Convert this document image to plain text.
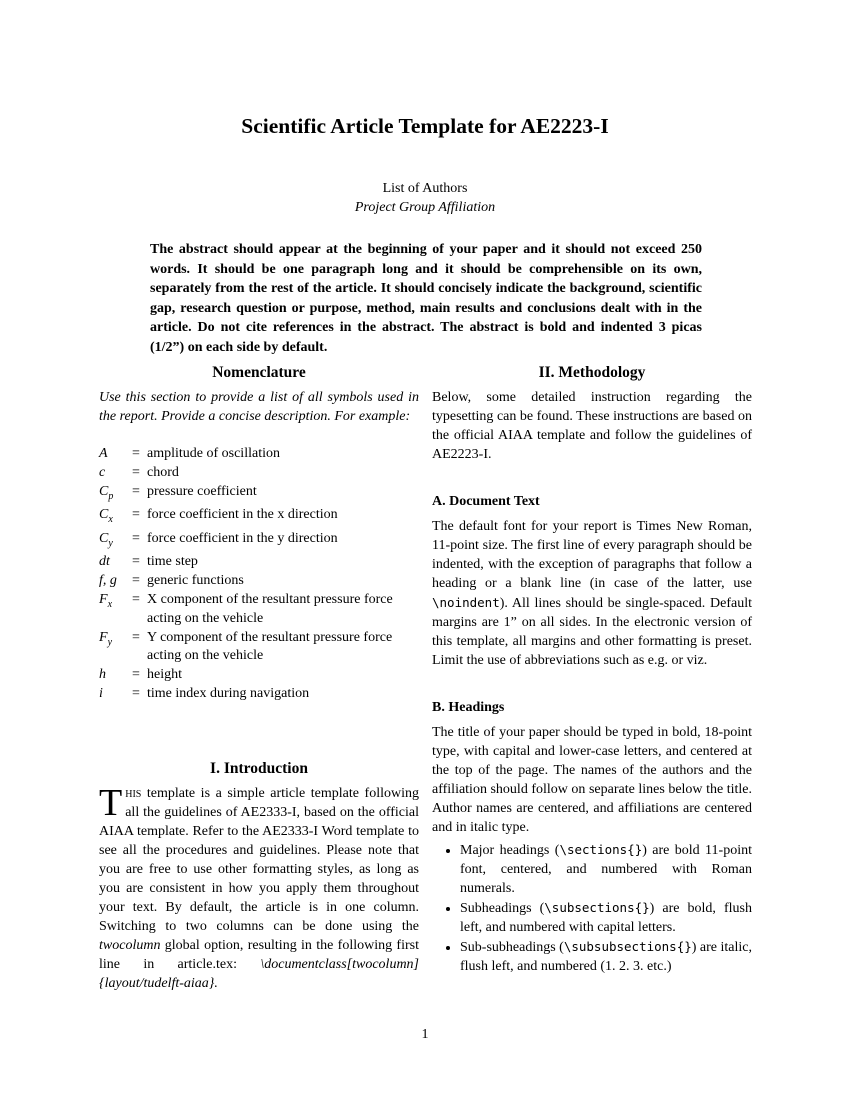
Scientific Article Template for AE2223-I
List of Authors
Project Group Affiliation
The abstract should appear at the beginning of your paper and it should not exceed 250 words. It should be one paragraph long and it should be comprehensible on its own, separately from the rest of the article. It should concisely indicate the background, scientific gap, research question or purpose, method, main results and conclusions dealt with in the article. Do not cite references in the abstract. The abstract is bold and indented 3 picas (1/2”) on each side by default.
Nomenclature

Use this section to provide a list of all symbols used in the report. Provide a concise description. For example:

A	= amplitude of oscillation
c	= chord
$C_p$	= pressure coefficient
$C_x$	= force coefficient in the x direction
$C_y$	= force coefficient in the y direction
dt	= time step
f, g	= generic functions
$F_x$	= X component of the resultant pressure force acting on the vehicle
$F_y$	= Y component of the resultant pressure force acting on the vehicle
h	= height
i	= time index during navigation
I. Introduction

This template is a simple article template following all the guidelines of AE2333-I, based on the official AIAA template. Refer to the AE2333-I Word template to see all the procedures and guidelines. Please note that you are free to use other formatting styles, as long as you are consistent in how you apply them throughout your text. By default, the article is in one column. Switching to two columns can be done using the twocolumn global option, resulting in the following first line in article.tex: \documentclass[twocolumn]{layout/tudelft-aiaa}.

II. Methodology

Below, some detailed instruction regarding the typesetting can be found. These instructions are based on the official AIAA template and follow the guidelines of AE2223-I.

A. Document Text

The default font for your report is Times New Roman, 11-point size. The first line of every paragraph should be indented, with the exception of paragraphs that follow a heading or a blank line (in case of the latter, use \noindent). All lines should be single-spaced. Default margins are 1” on all sides. In the electronic version of this template, all margins and other formatting is preset. Limit the use of abbreviations such as e.g. or viz.

B. Headings

The title of your paper should be typed in bold, 18-point type, with capital and lower-case letters, and centered at the top of the page. The names of the authors and the affiliation should follow on separate lines below the title. Author names are centered, and affiliations are centered and in italic type.

• Major headings (\sections{}) are bold 11-point font, centered, and numbered with Roman numerals.
• Subheadings (\subsections{}) are bold, flush left, and numbered with capital letters.
• Sub-subheadings (\subsubsections{}) are italic, flush left, and numbered (1. 2. 3. etc.)
1
